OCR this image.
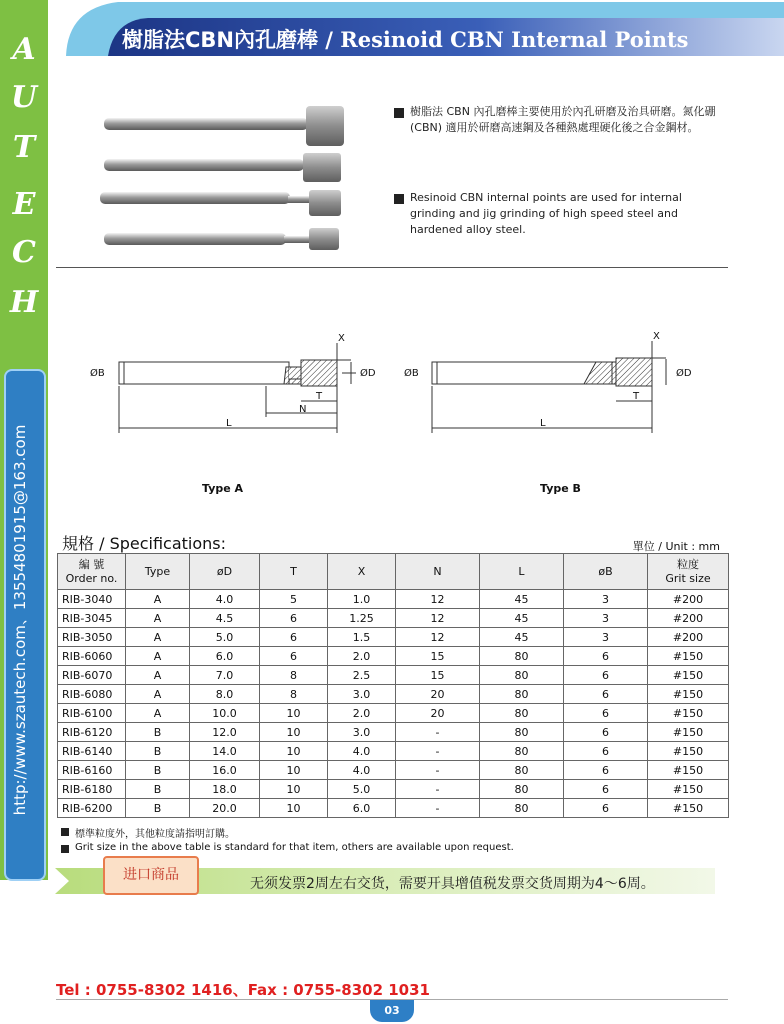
A
U
T
E
C
H
http://www.szautech.com、13554801915@163.com
樹脂法CBN內孔磨棒 / Resinoid CBN Internal Points
樹脂法 CBN 內孔磨棒主要使用於內孔研磨及治具研磨。氮化硼 (CBN) 適用於研磨高速鋼及各種熱處理硬化後之合金鋼材。
Resinoid CBN internal points are used for internal grinding and jig grinding of high speed steel and hardened alloy steel.
ØB	ØD
X
T
N
L
ØB	ØD
X
T
L
Type A	Type B
規格 / Specifications:	單位 / Unit : mm
編 號
Order no.	Type	øD	T	X	N	L	øB	粒度
Grit size
RIB-3040	A	4.0	5	1.0	12	45	3	#200
RIB-3045	A	4.5	6	1.25	12	45	3	#200
RIB-3050	A	5.0	6	1.5	12	45	3	#200
RIB-6060	A	6.0	6	2.0	15	80	6	#150
RIB-6070	A	7.0	8	2.5	15	80	6	#150
RIB-6080	A	8.0	8	3.0	20	80	6	#150
RIB-6100	A	10.0	10	2.0	20	80	6	#150
RIB-6120	B	12.0	10	3.0	-	80	6	#150
RIB-6140	B	14.0	10	4.0	-	80	6	#150
RIB-6160	B	16.0	10	4.0	-	80	6	#150
RIB-6180	B	18.0	10	5.0	-	80	6	#150
RIB-6200	B	20.0	10	6.0	-	80	6	#150
標準粒度外，其他粒度請指明訂購。
Grit size in the above table is standard for that item, others are available upon request.
进口商品
无须发票2周左右交货，需要开具增值税发票交货周期为4～6周。
Tel : 0755-8302 1416、Fax : 0755-8302 1031
03
